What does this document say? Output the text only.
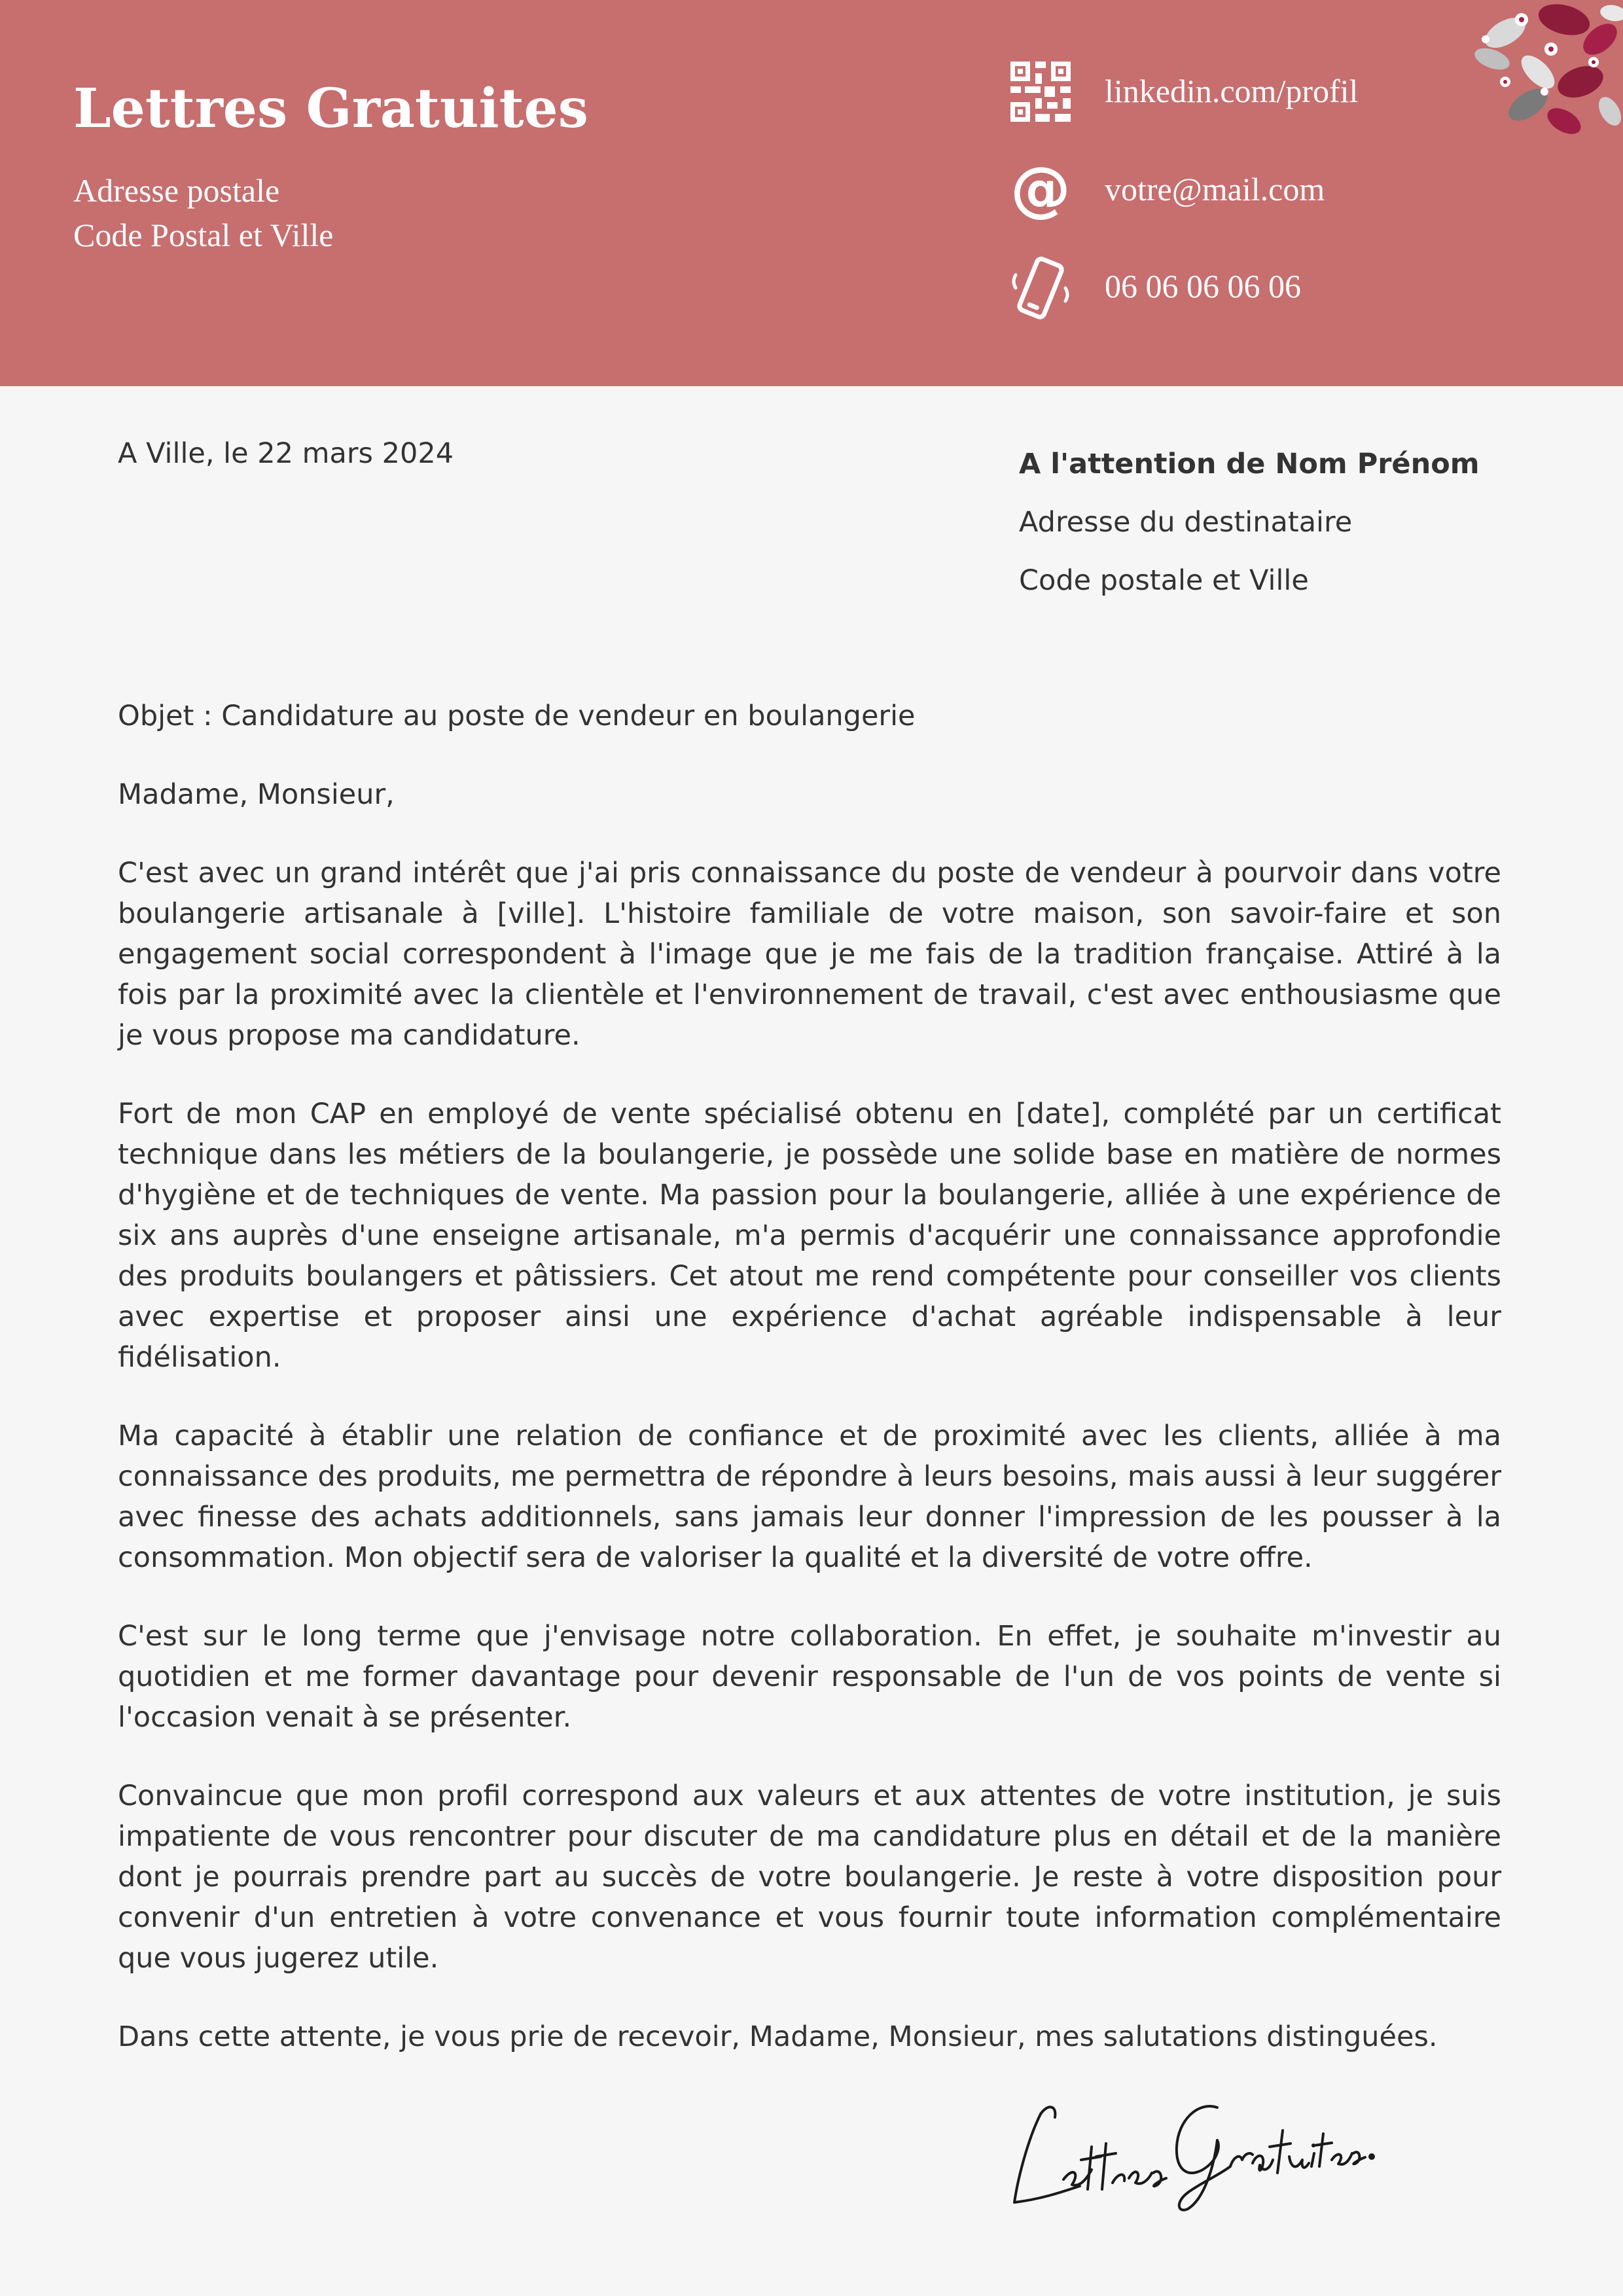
Lettres Gratuites
Adresse postale
Code Postal et Ville
linkedin.com/profil
@ votre@mail.com
06 06 06 06 06
A Ville, le 22 mars 2024	A l'attention de Nom Prénom
Adresse du destinataire
Code postale et Ville

Objet : Candidature au poste de vendeur en boulangerie

Madame, Monsieur,

C'est avec un grand intérêt que j'ai pris connaissance du poste de vendeur à pourvoir dans votre boulangerie artisanale à [ville]. L'histoire familiale de votre maison, son savoir-faire et son engagement social correspondent à l'image que je me fais de la tradition française. Attiré à la fois par la proximité avec la clientèle et l'environnement de travail, c'est avec enthousiasme que je vous propose ma candidature.

Fort de mon CAP en employé de vente spécialisé obtenu en [date], complété par un certificat technique dans les métiers de la boulangerie, je possède une solide base en matière de normes d'hygiène et de techniques de vente. Ma passion pour la boulangerie, alliée à une expérience de six ans auprès d'une enseigne artisanale, m'a permis d'acquérir une connaissance approfondie des produits boulangers et pâtissiers. Cet atout me rend compétente pour conseiller vos clients avec expertise et proposer ainsi une expérience d'achat agréable indispensable à leur fidélisation.

Ma capacité à établir une relation de confiance et de proximité avec les clients, alliée à ma connaissance des produits, me permettra de répondre à leurs besoins, mais aussi à leur suggérer avec finesse des achats additionnels, sans jamais leur donner l'impression de les pousser à la consommation. Mon objectif sera de valoriser la qualité et la diversité de votre offre.

C'est sur le long terme que j'envisage notre collaboration. En effet, je souhaite m'investir au quotidien et me former davantage pour devenir responsable de l'un de vos points de vente si l'occasion venait à se présenter.

Convaincue que mon profil correspond aux valeurs et aux attentes de votre institution, je suis impatiente de vous rencontrer pour discuter de ma candidature plus en détail et de la manière dont je pourrais prendre part au succès de votre boulangerie. Je reste à votre disposition pour convenir d'un entretien à votre convenance et vous fournir toute information complémentaire que vous jugerez utile.

Dans cette attente, je vous prie de recevoir, Madame, Monsieur, mes salutations distinguées.
